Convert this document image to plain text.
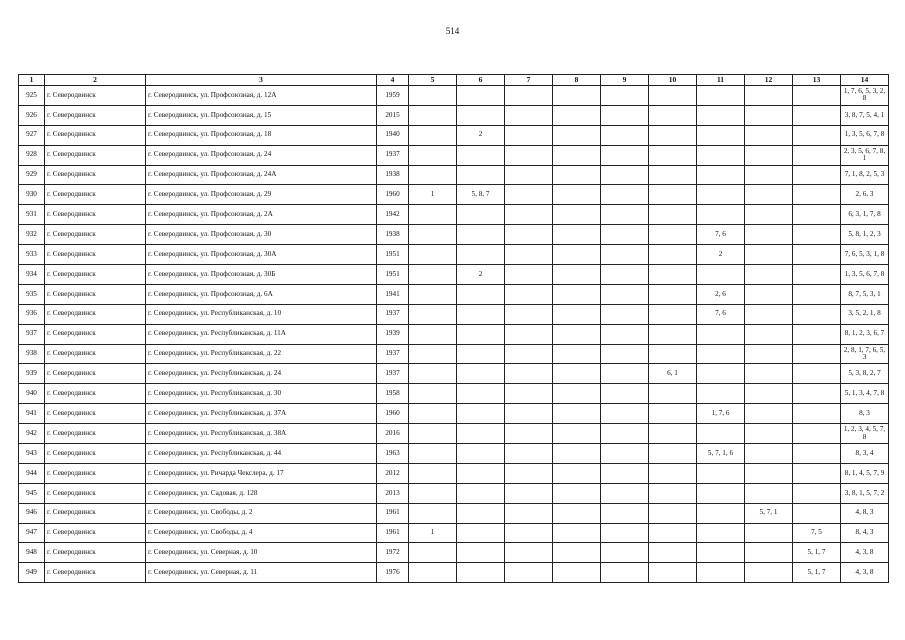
514
1	2	3	4	5	6	7	8	9	10	11	12	13	14
925	г. Северодвинск	г. Северодвинск, ул. Профсоюзная, д. 12А	1959										1, 7, 6, 5, 3, 2, 8
926	г. Северодвинск	г. Северодвинск, ул. Профсоюзная, д. 15	2015										3, 8, 7, 5, 4, 1
927	г. Северодвинск	г. Северодвинск, ул. Профсоюзная, д. 18	1940		2								1, 3, 5, 6, 7, 8
928	г. Северодвинск	г. Северодвинск, ул. Профсоюзная, д. 24	1937										2, 3, 5, 6, 7, 8, 1
929	г. Северодвинск	г. Северодвинск, ул. Профсоюзная, д. 24А	1938										7, 1, 8, 2, 5, 3
930	г. Северодвинск	г. Северодвинск, ул. Профсоюзная, д. 29	1960	1	5, 8, 7								2, 6, 3
931	г. Северодвинск	г. Северодвинск, ул. Профсоюзная, д. 2А	1942										6, 3, 1, 7, 8
932	г. Северодвинск	г. Северодвинск, ул. Профсоюзная, д. 30	1938							7, 6			5, 8, 1, 2, 3
933	г. Северодвинск	г. Северодвинск, ул. Профсоюзная, д. 30А	1951							2			7, 6, 5, 3, 1, 8
934	г. Северодвинск	г. Северодвинск, ул. Профсоюзная, д. 30Б	1951		2								1, 3, 5, 6, 7, 8
935	г. Северодвинск	г. Северодвинск, ул. Профсоюзная, д. 6А	1941							2, 6			8, 7, 5, 3, 1
936	г. Северодвинск	г. Северодвинск, ул. Республиканская, д. 10	1937							7, 6			3, 5, 2, 1, 8
937	г. Северодвинск	г. Северодвинск, ул. Республиканская, д. 11А	1939										8, 1, 2, 3, 6, 7
938	г. Северодвинск	г. Северодвинск, ул. Республиканская, д. 22	1937										2, 8, 1, 7, 6, 5, 3
939	г. Северодвинск	г. Северодвинск, ул. Республиканская, д. 24	1937						6, 1				5, 3, 8, 2, 7
940	г. Северодвинск	г. Северодвинск, ул. Республиканская, д. 30	1958										5, 1, 3, 4, 7, 8
941	г. Северодвинск	г. Северодвинск, ул. Республиканская, д. 37А	1960							1, 7, 6			8, 3
942	г. Северодвинск	г. Северодвинск, ул. Республиканская, д. 38А	2016										1, 2, 3, 4, 5, 7, 8
943	г. Северодвинск	г. Северодвинск, ул. Республиканская, д. 44	1963							5, 7, 1, 6			8, 3, 4
944	г. Северодвинск	г. Северодвинск, ул. Ричарда Чекслера, д. 17	2012										8, 1, 4, 5, 7, 9
945	г. Северодвинск	г. Северодвинск, ул. Садовая, д. 128	2013										3, 8, 1, 5, 7, 2
946	г. Северодвинск	г. Северодвинск, ул. Свободы, д. 2	1961								5, 7, 1		4, 8, 3
947	г. Северодвинск	г. Северодвинск, ул. Свободы, д. 4	1961	1								7, 5	8, 4, 3
948	г. Северодвинск	г. Северодвинск, ул. Северная, д. 10	1972									5, 1, 7	4, 3, 8
949	г. Северодвинск	г. Северодвинск, ул. Северная, д. 11	1976									5, 1, 7	4, 3, 8
